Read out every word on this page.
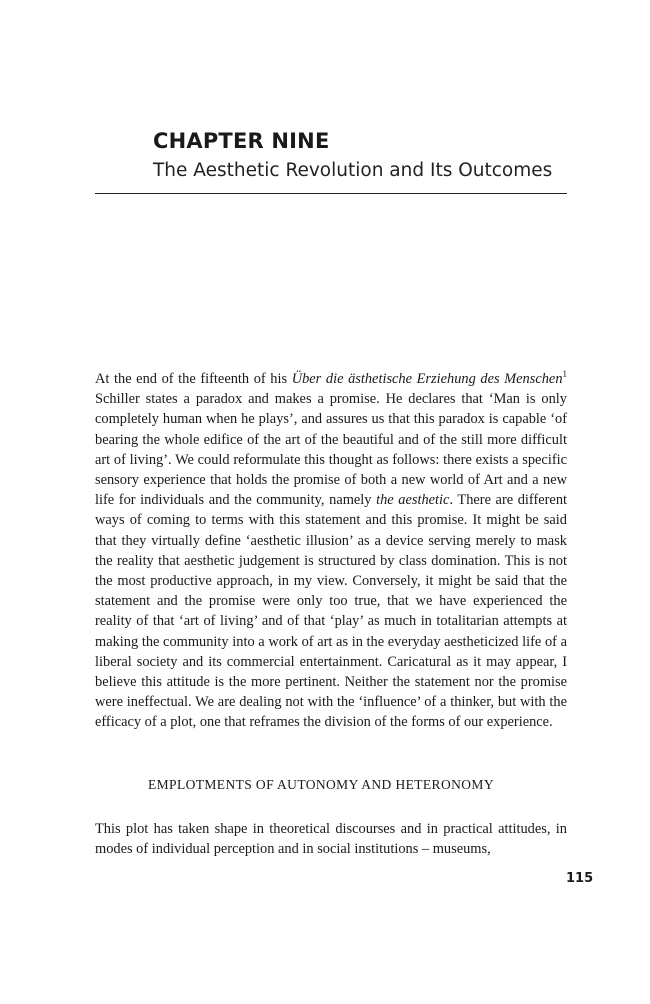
CHAPTER NINE
The Aesthetic Revolution and Its Outcomes

At the end of the fifteenth of his Über die ästhetische Erziehung des Menschen$^1$ Schiller states a paradox and makes a promise. He declares that ‘Man is only completely human when he plays’, and assures us that this paradox is capable ‘of bearing the whole edifice of the art of the beautiful and of the still more difficult art of living’. We could reformulate this thought as follows: there exists a specific sensory experience that holds the promise of both a new world of Art and a new life for individuals and the community, namely the aesthetic. There are different ways of coming to terms with this statement and this promise. It might be said that they virtually define ‘aesthetic illusion’ as a device serving merely to mask the reality that aesthetic judgement is structured by class domination. This is not the most productive approach, in my view. Conversely, it might be said that the statement and the promise were only too true, that we have experienced the reality of that ‘art of living’ and of that ‘play’ as much in totalitarian attempts at making the community into a work of art as in the everyday aestheticized life of a liberal society and its commercial entertainment. Caricatural as it may appear, I believe this attitude is the more pertinent. Neither the statement nor the promise were ineffectual. We are dealing not with the ‘influence’ of a thinker, but with the efficacy of a plot, one that reframes the division of the forms of our experience.

EMPLOTMENTS OF AUTONOMY AND HETERONOMY

This plot has taken shape in theoretical discourses and in practical attitudes, in modes of individual perception and in social institutions – museums,

115
